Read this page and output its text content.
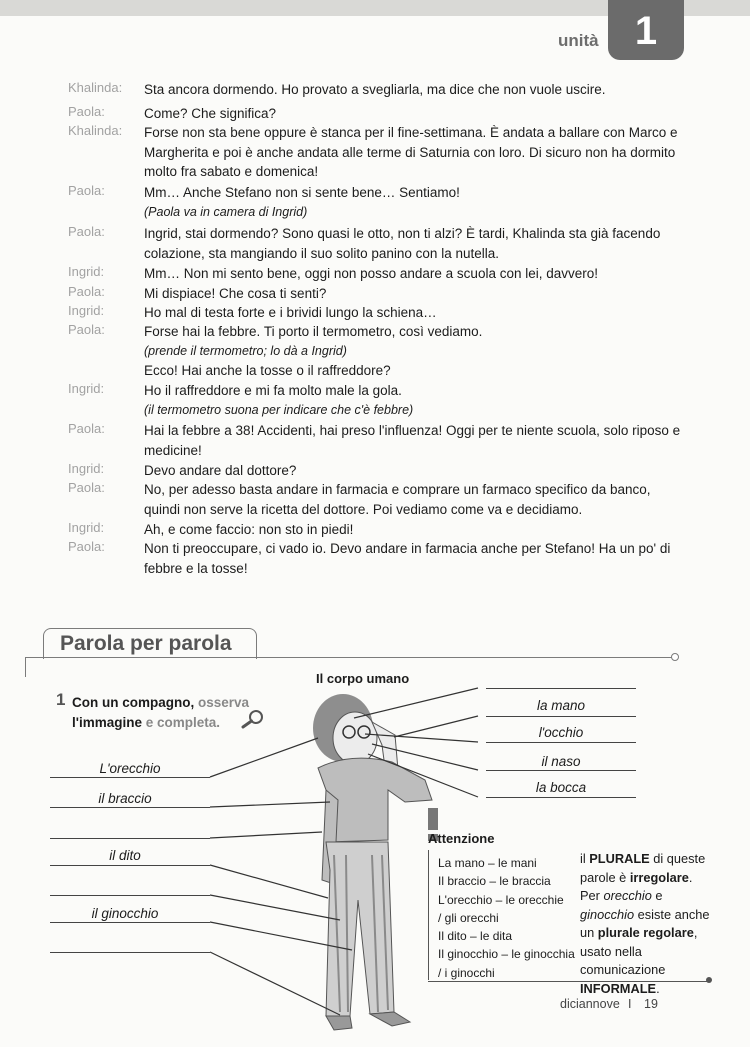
unità 1
Khalinda: Sta ancora dormendo. Ho provato a svegliarla, ma dice che non vuole uscire.
Paola:	Come? Che significa?
Khalinda: Forse non sta bene oppure è stanca per il fine-settimana. È andata a ballare con Marco e Margherita e poi è anche andata alle terme di Saturnia con loro. Di sicuro non ha dormito molto fra sabato e domenica!
Paola:	Mm… Anche Stefano non si sente bene… Sentiamo!
(Paola va in camera di Ingrid)
Paola:	Ingrid, stai dormendo? Sono quasi le otto, non ti alzi? È tardi, Khalinda sta già facendo colazione, sta mangiando il suo solito panino con la nutella.
Ingrid:	Mm… Non mi sento bene, oggi non posso andare a scuola con lei, davvero!
Paola:	Mi dispiace! Che cosa ti senti?
Ingrid:	Ho mal di testa forte e i brividi lungo la schiena…
Paola:	Forse hai la febbre. Ti porto il termometro, così vediamo.
(prende il termometro; lo dà a Ingrid)
Ecco! Hai anche la tosse o il raffreddore?
Ingrid:	Ho il raffreddore e mi fa molto male la gola.
(il termometro suona per indicare che c'è febbre)
Paola:	Hai la febbre a 38! Accidenti, hai preso l'influenza! Oggi per te niente scuola, solo riposo e medicine!
Ingrid:	Devo andare dal dottore?
Paola:	No, per adesso basta andare in farmacia e comprare un farmaco specifico da banco, quindi non serve la ricetta del dottore. Poi vediamo come va e decidiamo.
Ingrid:	Ah, e come faccio: non sto in piedi!
Paola:	Non ti preoccupare, ci vado io. Devo andare in farmacia anche per Stefano! Ha un po' di febbre e la tosse!
Parola per parola
1 Con un compagno, osserva
l'immagine e completa.
Il corpo umano
L'orecchio
il braccio
il dito
il ginocchio
la mano
l'occhio
il naso
la bocca
Attenzione
La mano – le mani
Il braccio – le braccia
L'orecchio – le orecchie
/ gli orecchi
Il dito – le dita
Il ginocchio – le ginocchia
/ i ginocchi
il PLURALE di queste parole è irregolare. Per orecchio e ginocchio esiste anche un plurale regolare, usato nella comunicazione INFORMALE.
diciannove I 19
